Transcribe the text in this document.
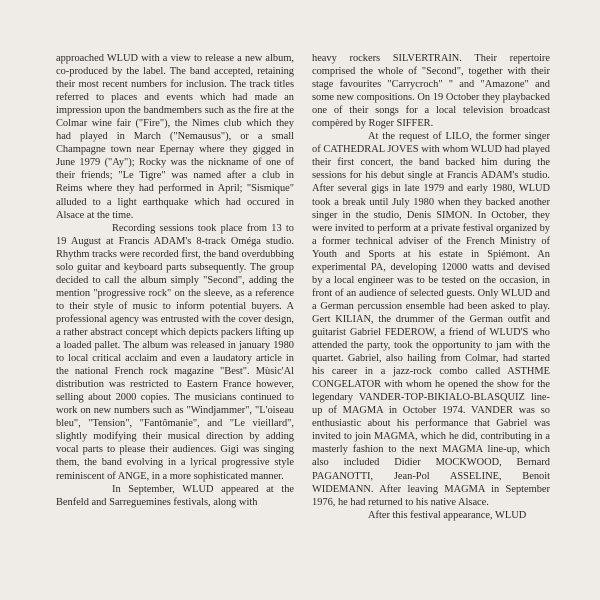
approached WLUD with a view to release a new album, co-produced by the label. The band accepted, retaining their most recent numbers for inclusion. The track titles referred to places and events which had made an impression upon the bandmembers such as the fire at the Colmar wine fair ("Fire"), the Nimes club which they had played in March ("Nemausus"), or a small Champagne town near Epernay where they gigged in June 1979 ("Ay"); Rocky was the nickname of one of their friends; "Le Tigre" was named after a club in Reims where they had performed in April; "Sismique" alluded to a light earthquake which had occured in Alsace at the time.

Recording sessions took place from 13 to 19 August at Francis ADAM's 8-track Oméga studio. Rhythm tracks were recorded first, the band overdubbing solo guitar and keyboard parts subsequently. The group decided to call the album simply "Second", adding the mention "progressive rock" on the sleeve, as a reference to their style of music to inform potential buyers. A professional agency was entrusted with the cover design, a rather abstract concept which depicts packers lifting up a loaded pallet. The album was released in january 1980 to local critical acclaim and even a laudatory article in the national French rock magazine "Best". Mùsic'Al distribution was restricted to Eastern France however, selling about 2000 copies. The musicians continued to work on new numbers such as "Windjammer", "L'oiseau bleu", "Tension", "Fantômanie", and "Le vieillard", slightly modifying their musical direction by adding vocal parts to please their audiences. Gigi was singing them, the band evolving in a lyrical progressive style reminiscent of ANGE, in a more sophisticated manner.

In September, WLUD appeared at the Benfeld and Sarreguemines festivals, along with

heavy rockers SILVERTRAIN. Their repertoire comprised the whole of "Second", together with their stage favourites "Carrycroch" " and "Amazone" and some new compositions. On 19 October they playbacked one of their songs for a local television broadcast compèred by Roger SIFFER.

At the request of LILO, the former singer of CATHEDRAL JOVES with whom WLUD had played their first concert, the band backed him during the sessions for his debut single at Francis ADAM's studio. After several gigs in late 1979 and early 1980, WLUD took a break until July 1980 when they backed another singer in the studio, Denis SIMON. In October, they were invited to perform at a private festival organized by a former technical adviser of the French Ministry of Youth and Sports at his estate in Spiémont. An experimental PA, developing 12000 watts and devised by a local engineer was to be tested on the occasion, in front of an audience of selected guests. Only WLUD and a German percussion ensemble had been asked to play. Gert KILIAN, the drummer of the German outfit and guitarist Gabriel FEDEROW, a friend of WLUD'S who attended the party, took the opportunity to jam with the quartet. Gabriel, also hailing from Colmar, had started his career in a jazz-rock combo called ASTHME CONGELATOR with whom he opened the show for the legendary VANDER-TOP-BIKIALO-BLASQUIZ line-up of MAGMA in October 1974. VANDER was so enthusiastic about his performance that Gabriel was invited to join MAGMA, which he did, contributing in a masterly fashion to the next MAGMA line-up, which also included Didier MOCKWOOD, Bernard PAGANOTTI, Jean-Pol ASSELINE, Benoit WIDEMANN. After leaving MAGMA in September 1976, he had returned to his native Alsace.

After this festival appearance, WLUD
